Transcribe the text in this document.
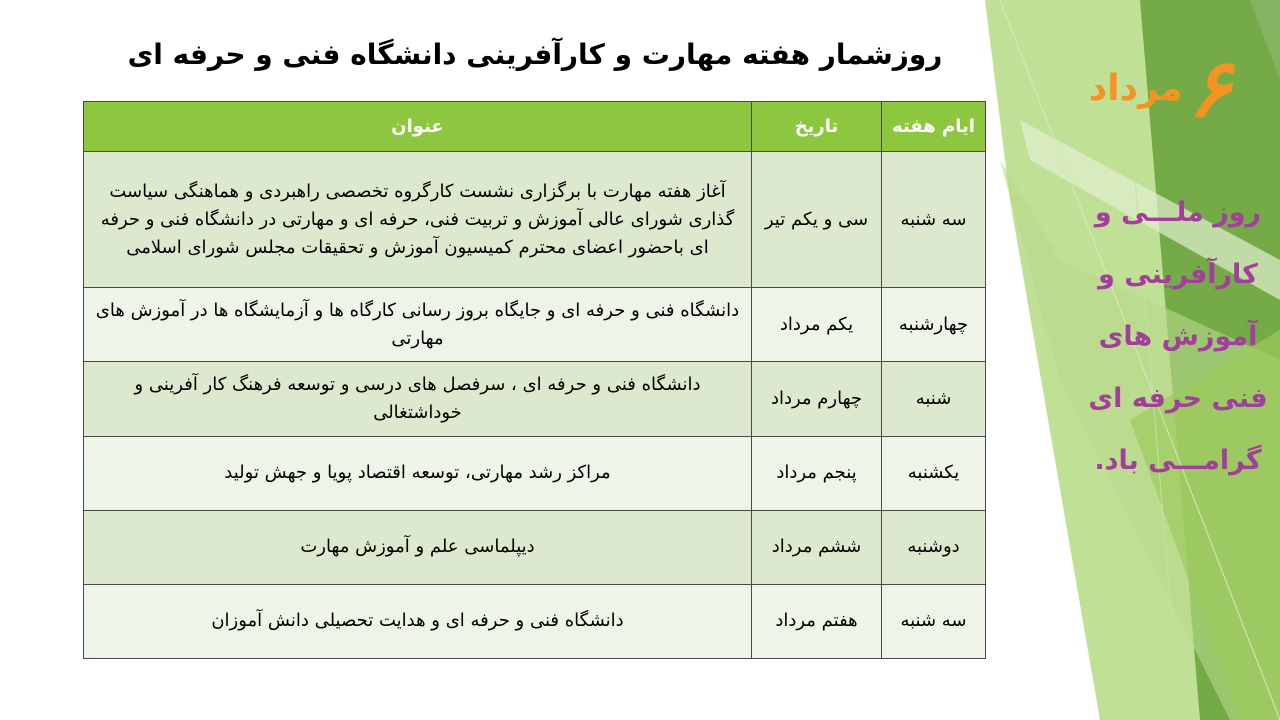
روزشمار هفته مهارت و کارآفرینی دانشگاه فنی و حرفه ای
ایام هفته	تاریخ	عنوان
سه شنبه	سی و یکم تیر	آغاز هفته مهارت با برگزاری نشست کارگروه تخصصی راهبردی و هماهنگی سیاست گذاری شورای عالی آموزش و تربیت فنی، حرفه ای و مهارتی در دانشگاه فنی و حرفه ای باحضور اعضای محترم کمیسیون آموزش و تحقیقات مجلس شورای اسلامی
چهارشنبه	یکم مرداد	دانشگاه فنی و حرفه ای و جایگاه بروز رسانی کارگاه ها و آزمایشگاه ها در آموزش های مهارتی
شنبه	چهارم مرداد	دانشگاه فنی و حرفه ای ، سرفصل های درسی و توسعه فرهنگ کار آفرینی و خوداشتغالی
یکشنبه	پنجم مرداد	مراکز رشد مهارتی، توسعه اقتصاد پویا و جهش تولید
دوشنبه	ششم مرداد	دیپلماسی علم و آموزش مهارت
سه شنبه	هفتم مرداد	دانشگاه فنی و حرفه ای و هدایت تحصیلی دانش آموزان
۶ مرداد
روز ملـــی و کارآفرینی و آموزش های فنی حرفه ای گرامـــی باد.
